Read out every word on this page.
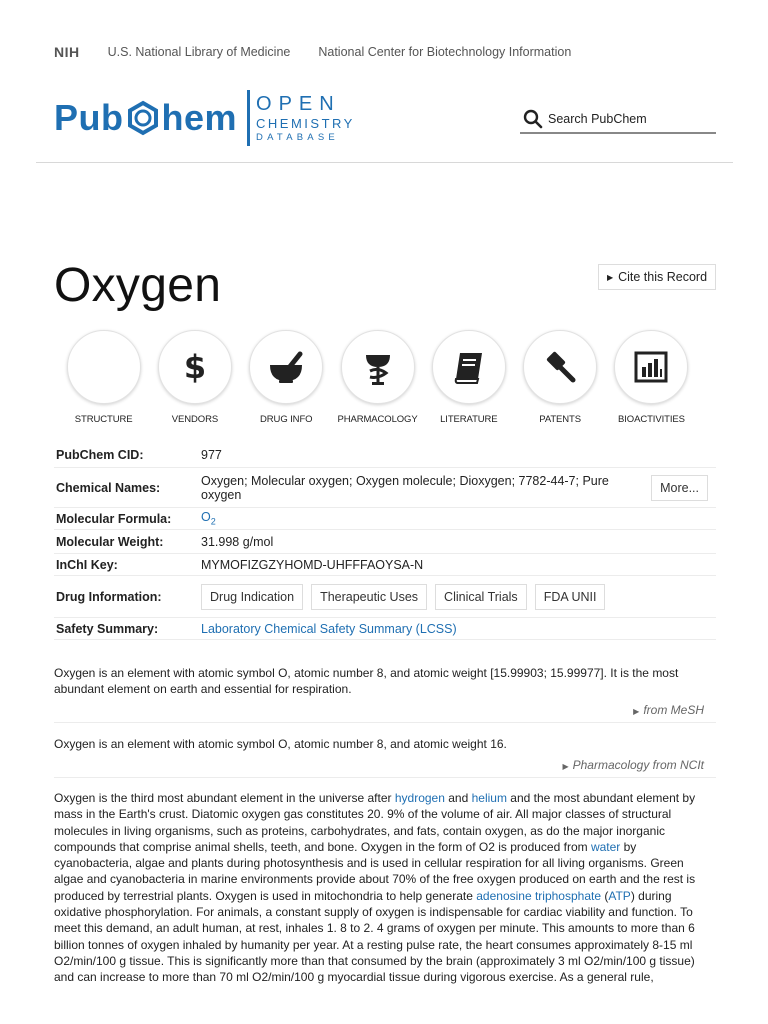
NIH U.S. National Library of Medicine National Center for Biotechnology Information
Pub hem OPEN
CHEMISTRY
DATABASE
Search PubChem
Oxygen	▶ Cite this Record
STRUCTURE
$
VENDORS	DRUG INFO	PHARMACOLOGY LITERATURE	PATENTS	BIOACTIVITIES
PubChem CID:	977
Chemical Names:	Oxygen; Molecular oxygen; Oxygen molecule; Dioxygen; 7782-44-7; Pure oxygen	More...
Molecular Formula:	$O_2$
Molecular Weight:	31.998 g/mol
InChI Key:	MYMOFIZGZYHOMD-UHFFFAOYSA-N
Drug Information:	Drug Indication	Therapeutic Uses	Clinical Trials	FDA UNII
Safety Summary:	Laboratory Chemical Safety Summary (LCSS)

Oxygen is an element with atomic symbol O, atomic number 8, and atomic weight [15.99903; 15.99977]. It is the most abundant element on earth and essential for respiration.

▶ from MeSH

Oxygen is an element with atomic symbol O, atomic number 8, and atomic weight 16.

▶ Pharmacology from NCIt

Oxygen is the third most abundant element in the universe after hydrogen and helium and the most abundant element by mass in the Earth's crust. Diatomic oxygen gas constitutes 20. 9% of the volume of air. All major classes of structural molecules in living organisms, such as proteins, carbohydrates, and fats, contain oxygen, as do the major inorganic compounds that comprise animal shells, teeth, and bone. Oxygen in the form of O2 is produced from water by cyanobacteria, algae and plants during photosynthesis and is used in cellular respiration for all living organisms. Green algae and cyanobacteria in marine environments provide about 70% of the free oxygen produced on earth and the rest is produced by terrestrial plants. Oxygen is used in mitochondria to help generate adenosine triphosphate (ATP) during oxidative phosphorylation. For animals, a constant supply of oxygen is indispensable for cardiac viability and function. To meet this demand, an adult human, at rest, inhales 1. 8 to 2. 4 grams of oxygen per minute. This amounts to more than 6 billion tonnes of oxygen inhaled by humanity per year. At a resting pulse rate, the heart consumes approximately 8-15 ml O2/min/100 g tissue. This is significantly more than that consumed by the brain (approximately 3 ml O2/min/100 g tissue) and can increase to more than 70 ml O2/min/100 g myocardial tissue during vigorous exercise. As a general rule,
